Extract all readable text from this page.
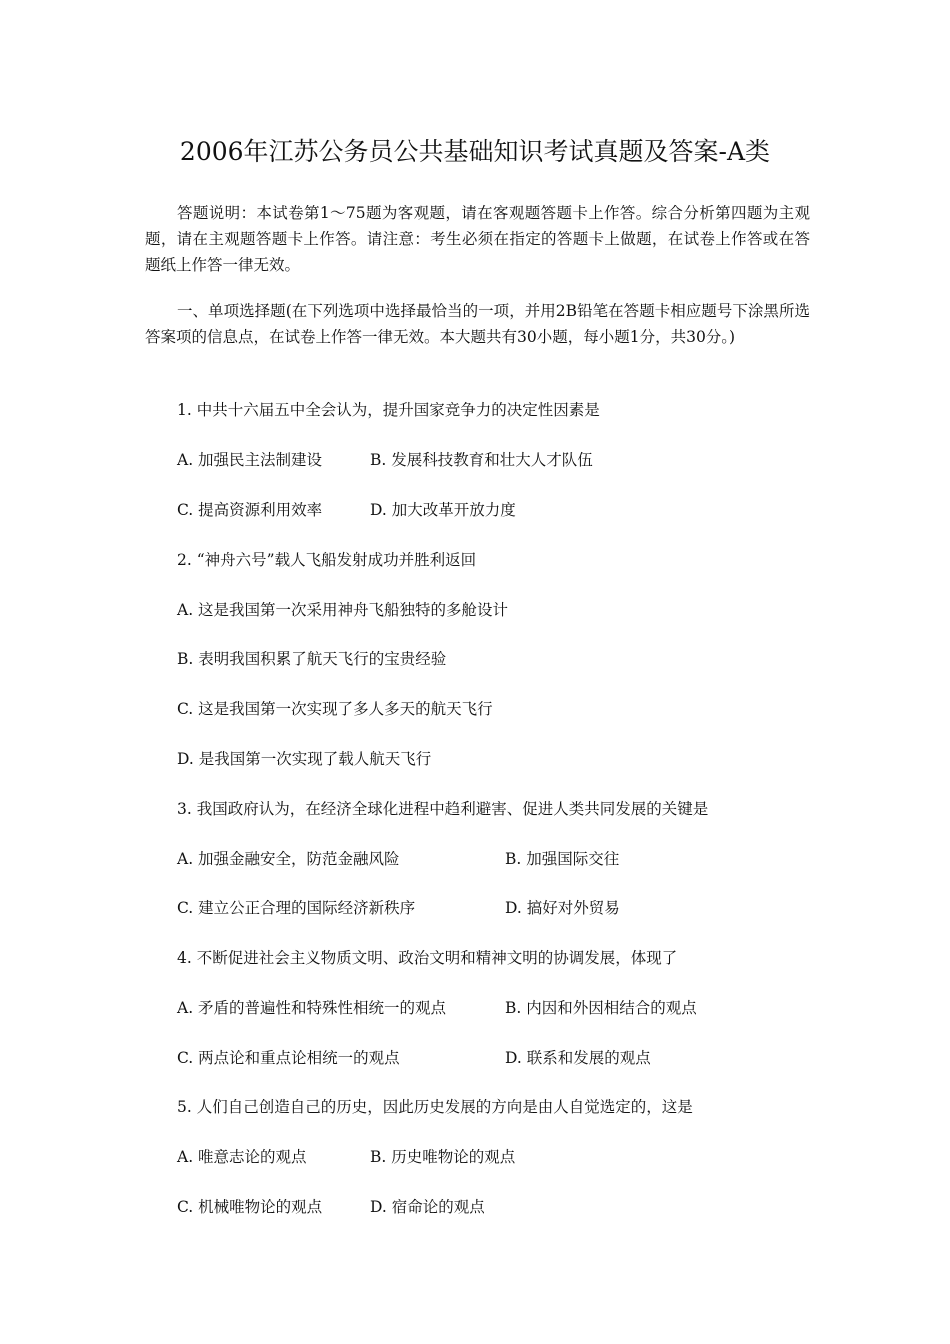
2006年江苏公务员公共基础知识考试真题及答案-A类
答题说明：本试卷第1～75题为客观题，请在客观题答题卡上作答。综合分析第四题为主观题，请在主观题答题卡上作答。请注意：考生必须在指定的答题卡上做题，在试卷上作答或在答题纸上作答一律无效。
一、单项选择题(在下列选项中选择最恰当的一项，并用2B铅笔在答题卡相应题号下涂黑所选答案项的信息点，在试卷上作答一律无效。本大题共有30小题，每小题1分，共30分。)
1. 中共十六届五中全会认为，提升国家竞争力的决定性因素是
A. 加强民主法制建设	B. 发展科技教育和壮大人才队伍
C. 提高资源利用效率	D. 加大改革开放力度
2. “神舟六号”载人飞船发射成功并胜利返回
A. 这是我国第一次采用神舟飞船独特的多舱设计
B. 表明我国积累了航天飞行的宝贵经验
C. 这是我国第一次实现了多人多天的航天飞行
D. 是我国第一次实现了载人航天飞行
3. 我国政府认为，在经济全球化进程中趋利避害、促进人类共同发展的关键是
A. 加强金融安全，防范金融风险	B. 加强国际交往
C. 建立公正合理的国际经济新秩序	D. 搞好对外贸易
4. 不断促进社会主义物质文明、政治文明和精神文明的协调发展，体现了
A. 矛盾的普遍性和特殊性相统一的观点	B. 内因和外因相结合的观点
C. 两点论和重点论相统一的观点	D. 联系和发展的观点
5. 人们自己创造自己的历史，因此历史发展的方向是由人自觉选定的，这是
A. 唯意志论的观点	B. 历史唯物论的观点
C. 机械唯物论的观点	D. 宿命论的观点
